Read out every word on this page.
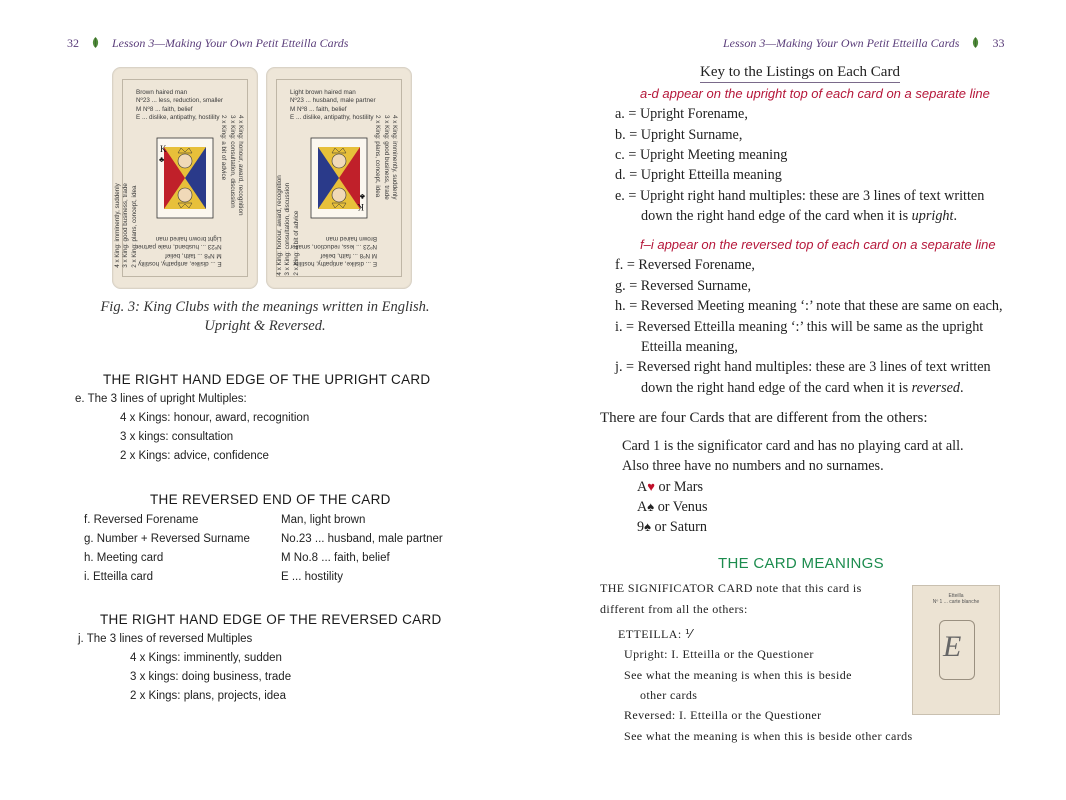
32	Lesson 3—Making Your Own Petit Etteilla Cards
Brown haired man
Nº23 ... less, reduction, smaller
M Nº8 ... faith, belief
E ... dislike, antipathy, hostility
4 x King: imminently, suddenly 3 x King: good business, trade 2 x King: plans, concept, idea
4 x King: honour, award, recognition
3 x King: consultation, discussion
2 x King: a bit of advice
K
♣
E ... dislike, antipathy, hostility
M Nº8 ... faith, belief
Nº23 ... husband, male partner
Light brown haired man
Light brown haired man
Nº23 ... husband, male partner
M Nº8 ... faith, belief
E ... dislike, antipathy, hostility
4 x King: honour, award, recognition 3 x King: consultation, discussion 2 x King: a bit of advice
4 x King: imminently, suddenly
3 x King: good business, trade
2 x King: plans, concept, idea
K
♣
E ... dislike, antipathy, hostility
M Nº8 ... faith, belief
Nº23 ... less, reduction, smaller
Brown haired man
Fig. 3: King Clubs with the meanings written in English.
Upright & Reversed.
THE RIGHT HAND EDGE OF THE UPRIGHT CARD
e. The 3 lines of upright Multiples:
4 x Kings: honour, award, recognition
3 x kings: consultation
2 x Kings: advice, confidence
THE REVERSED END OF THE CARD
f. Reversed Forename	Man, light brown
g. Number + Reversed Surname	No.23 ... husband, male partner
h. Meeting card	M No.8 ... faith, belief
i. Etteilla card	E ... hostility
THE RIGHT HAND EDGE OF THE REVERSED CARD
j. The 3 lines of reversed Multiples
4 x Kings: imminently, sudden
3 x kings: doing business, trade
2 x Kings: plans, projects, idea
Lesson 3—Making Your Own Petit Etteilla Cards	33
Key to the Listings on Each Card
a-d appear on the upright top of each card on a separate line
a. = Upright Forename,
b. = Upright Surname,
c. = Upright Meeting meaning
d. = Upright Etteilla meaning
e. = Upright right hand multiples: these are 3 lines of text written
down the right hand edge of the card when it is upright.
f–i appear on the reversed top of each card on a separate line
f. = Reversed Forename,
g. = Reversed Surname,
h. = Reversed Meeting meaning ‘:’ note that these are same on each,
i. = Reversed Etteilla meaning ‘:’ this will be same as the upright
Etteilla meaning,
j. = Reversed right hand multiples: these are 3 lines of text written
down the right hand edge of the card when it is reversed.
There are four Cards that are different from the others:
Card 1 is the significator card and has no playing card at all.
Also three have no numbers and no surnames.
A♥ or Mars
A♠ or Venus
9♠ or Saturn
THE CARD MEANINGS
THE SIGNIFICATOR CARD note that this card is
different from all the others:
ETTEILLA: ⅟
Upright: I. Etteilla or the Questioner
See what the meaning is when this is beside
other cards
Reversed: I. Etteilla or the Questioner
See what the meaning is when this is beside other cards
Etteilla
Nº 1 ... carte blanche
E
